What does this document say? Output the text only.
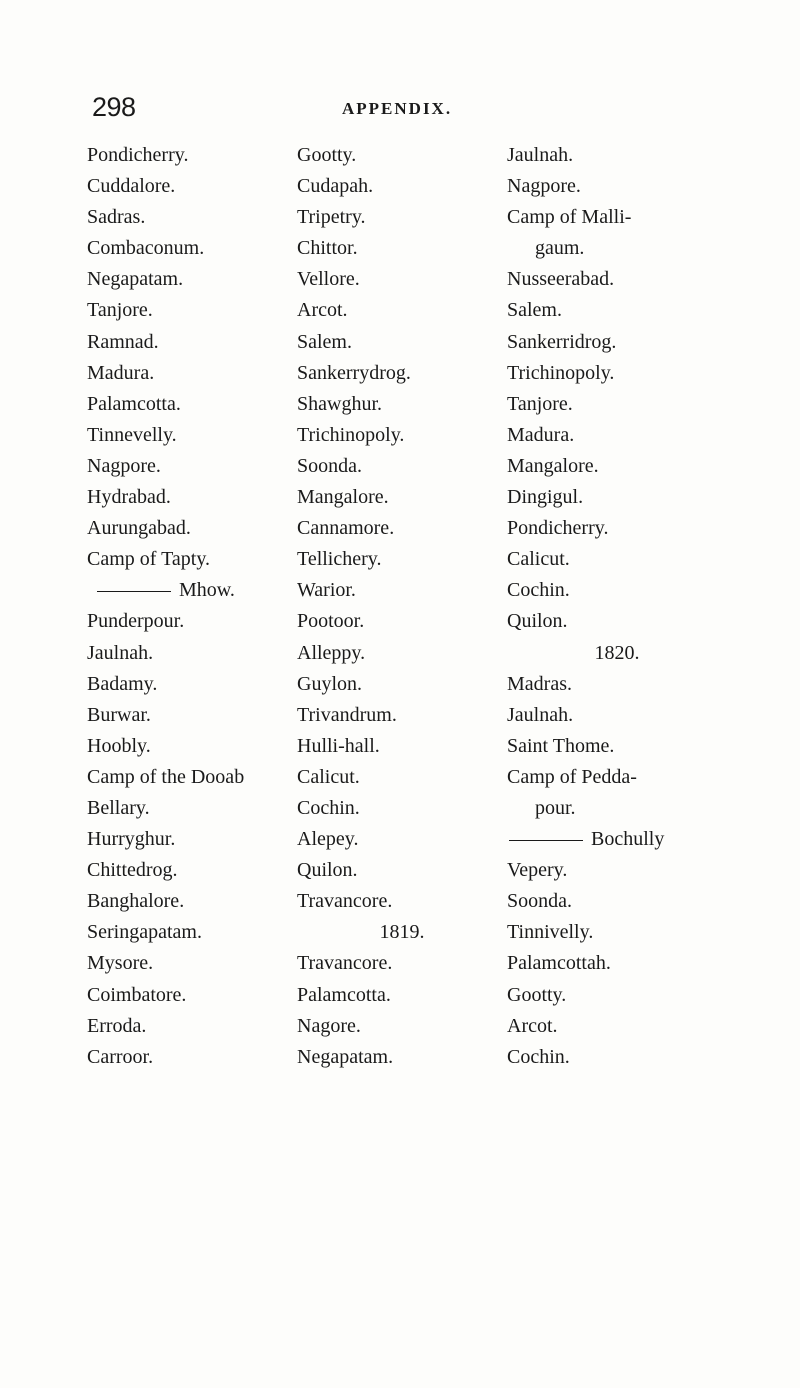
298	APPENDIX.
Pondicherry.
Cuddalore.
Sadras.
Combaconum.
Negapatam.
Tanjore.
Ramnad.
Madura.
Palamcotta.
Tinnevelly.
Nagpore.
Hydrabad.
Aurungabad.
Camp of Tapty.
Mhow.
Punderpour.
Jaulnah.
Badamy.
Burwar.
Hoobly.
Camp of the Dooab
Bellary.
Hurryghur.
Chittedrog.
Banghalore.
Seringapatam.
Mysore.
Coimbatore.
Erroda.
Carroor.
Gootty.
Cudapah.
Tripetry.
Chittor.
Vellore.
Arcot.
Salem.
Sankerrydrog.
Shawghur.
Trichinopoly.
Soonda.
Mangalore.
Cannamore.
Tellichery.
Warior.
Pootoor.
Alleppy.
Guylon.
Trivandrum.
Hulli-hall.
Calicut.
Cochin.
Alepey.
Quilon.
Travancore.
1819.
Travancore.
Palamcotta.
Nagore.
Negapatam.
Jaulnah.
Nagpore.
Camp of Malli-
gaum.
Nusseerabad.
Salem.
Sankerridrog.
Trichinopoly.
Tanjore.
Madura.
Mangalore.
Dingigul.
Pondicherry.
Calicut.
Cochin.
Quilon.
1820.
Madras.
Jaulnah.
Saint Thome.
Camp of Pedda-
pour.
Bochully
Vepery.
Soonda.
Tinnivelly.
Palamcottah.
Gootty.
Arcot.
Cochin.
